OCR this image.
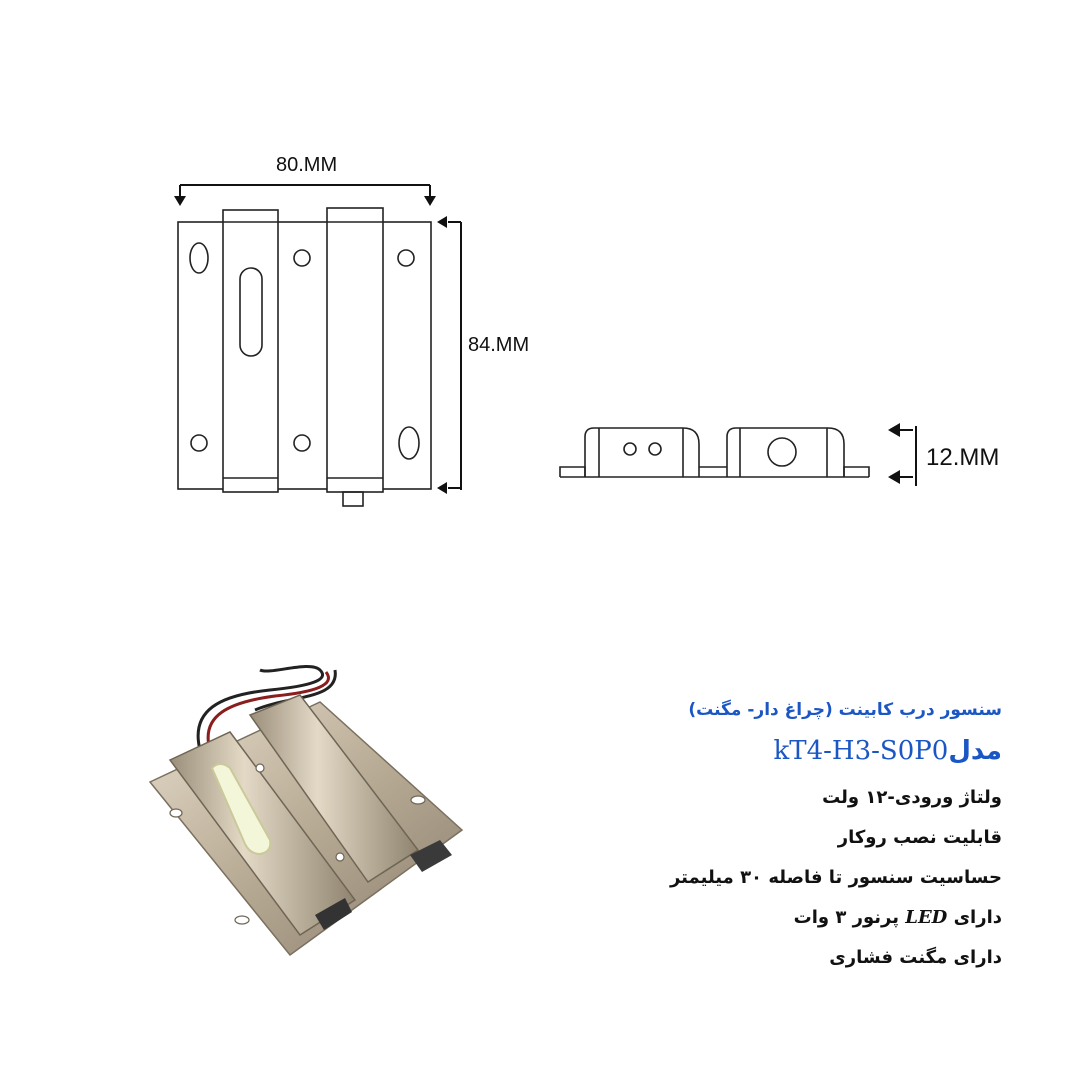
80.MM
84.MM
12.MM
سنسور درب کابینت (چراغ دار- مگنت)
مدلkT4-H3-S0P0
ولتاژ ورودی-۱۲ ولت
قابلیت نصب روکار
حساسیت سنسور تا فاصله ۳۰ میلیمتر
دارای LED پرنور ۳ وات
دارای مگنت فشاری
